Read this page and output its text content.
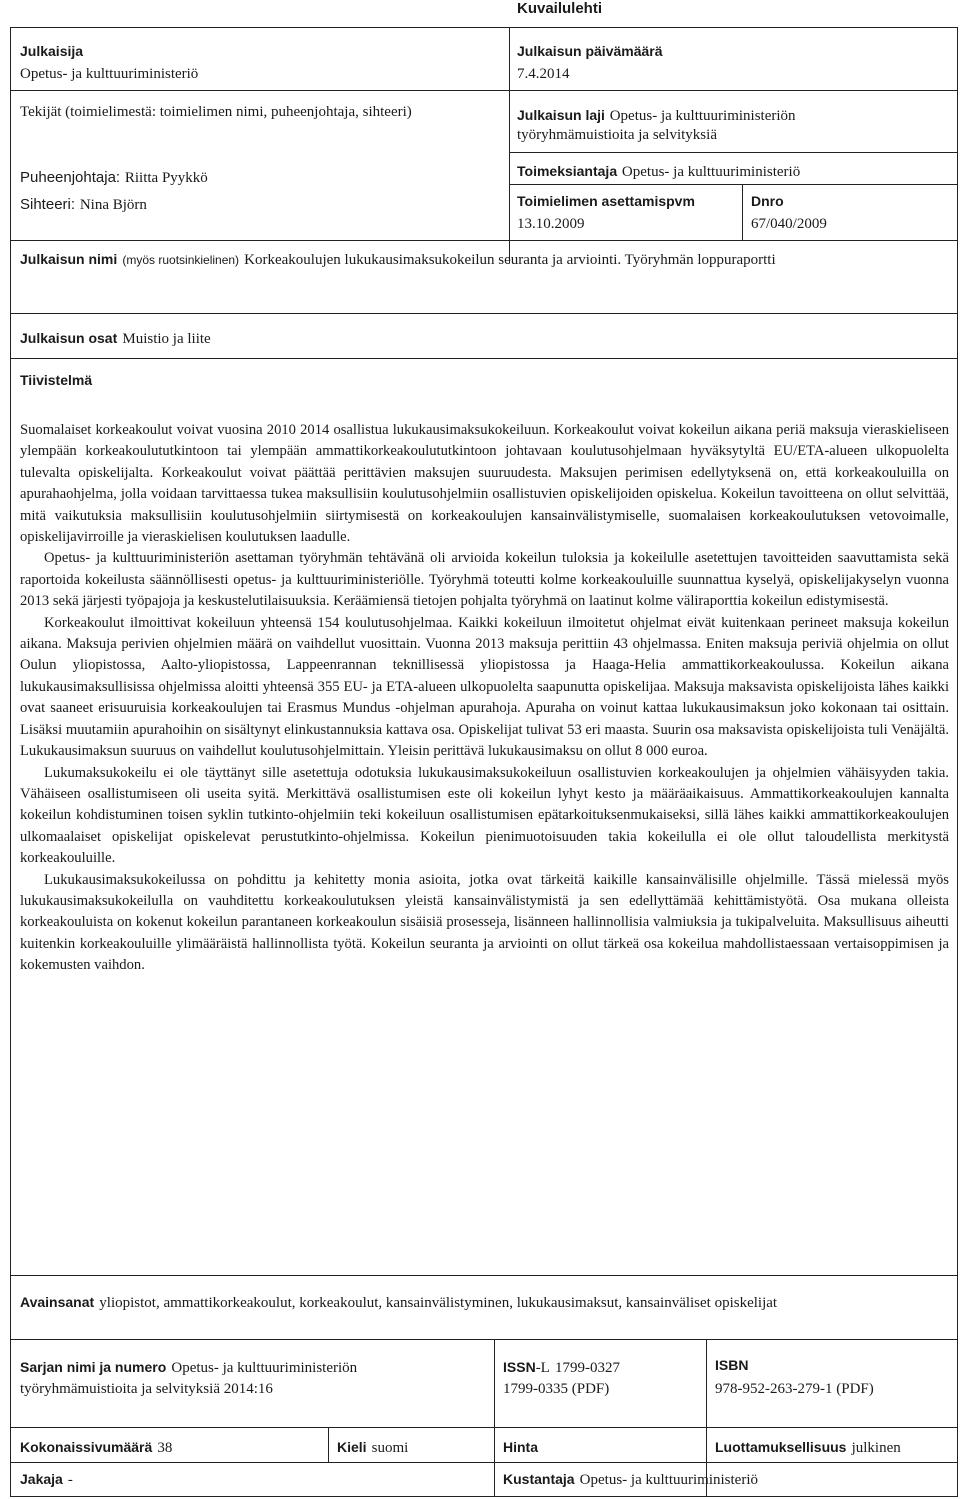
Kuvailulehti
Julkaisija
Opetus- ja kulttuuriministeriö
Julkaisun päivämäärä
7.4.2014
Tekijät (toimielimestä: toimielimen nimi, puheenjohtaja, sihteeri)
Puheenjohtaja: Riitta Pyykkö
Sihteeri: Nina Björn
Julkaisun laji Opetus- ja kulttuuriministeriön
työryhmämuistioita ja selvityksiä
Toimeksiantaja Opetus- ja kulttuuriministeriö
Toimielimen asettamispvm
13.10.2009
Dnro
67/040/2009
Julkaisun nimi (myös ruotsinkielinen) Korkeakoulujen lukukausimaksukokeilun seuranta ja arviointi. Työryhmän loppuraportti
Julkaisun osat Muistio ja liite
Tiivistelmä

Suomalaiset korkeakoulut voivat vuosina 2010 2014 osallistua lukukausimaksukokeiluun. Korkeakoulut voivat kokeilun aikana periä maksuja vieraskieliseen ylempään korkeakoulututkintoon tai ylempään ammattikorkeakoulututkintoon johtavaan koulutusohjelmaan hyväksytyltä EU/ETA-alueen ulkopuolelta tulevalta opiskelijalta. Korkeakoulut voivat päättää perittävien maksujen suuruudesta. Maksujen perimisen edellytyksenä on, että korkeakouluilla on apurahaohjelma, jolla voidaan tarvittaessa tukea maksullisiin koulutusohjelmiin osallistuvien opiskelijoiden opiskelua. Kokeilun tavoitteena on ollut selvittää, mitä vaikutuksia maksullisiin koulutusohjelmiin siirtymisestä on korkeakoulujen kansainvälistymiselle, suomalaisen korkeakoulutuksen vetovoimalle, opiskelijavirroille ja vieraskielisen koulutuksen laadulle.

Opetus- ja kulttuuriministeriön asettaman työryhmän tehtävänä oli arvioida kokeilun tuloksia ja kokeilulle asetettujen tavoitteiden saavuttamista sekä raportoida kokeilusta säännöllisesti opetus- ja kulttuuriministeriölle. Työryhmä toteutti kolme korkeakouluille suunnattua kyselyä, opiskelijakyselyn vuonna 2013 sekä järjesti työpajoja ja keskustelutilaisuuksia. Keräämiensä tietojen pohjalta työryhmä on laatinut kolme väliraporttia kokeilun edistymisestä.

Korkeakoulut ilmoittivat kokeiluun yhteensä 154 koulutusohjelmaa. Kaikki kokeiluun ilmoitetut ohjelmat eivät kuitenkaan perineet maksuja kokeilun aikana. Maksuja perivien ohjelmien määrä on vaihdellut vuosittain. Vuonna 2013 maksuja perittiin 43 ohjelmassa. Eniten maksuja periviä ohjelmia on ollut Oulun yliopistossa, Aalto-yliopistossa, Lappeenrannan teknillisessä yliopistossa ja Haaga-Helia ammattikorkeakoulussa. Kokeilun aikana lukukausimaksullisissa ohjelmissa aloitti yhteensä 355 EU- ja ETA-alueen ulkopuolelta saapunutta opiskelijaa. Maksuja maksavista opiskelijoista lähes kaikki ovat saaneet erisuuruisia korkeakoulujen tai Erasmus Mundus -ohjelman apurahoja. Apuraha on voinut kattaa lukukausimaksun joko kokonaan tai osittain. Lisäksi muutamiin apurahoihin on sisältynyt elinkustannuksia kattava osa. Opiskelijat tulivat 53 eri maasta. Suurin osa maksavista opiskelijoista tuli Venäjältä. Lukukausimaksun suuruus on vaihdellut koulutusohjelmittain. Yleisin perittävä lukukausimaksu on ollut 8 000 euroa.

Lukumaksukokeilu ei ole täyttänyt sille asetettuja odotuksia lukukausimaksukokeiluun osallistuvien korkeakoulujen ja ohjelmien vähäisyyden takia. Vähäiseen osallistumiseen oli useita syitä. Merkittävä osallistumisen este oli kokeilun lyhyt kesto ja määräaikaisuus. Ammattikorkeakoulujen kannalta kokeilun kohdistuminen toisen syklin tutkinto-ohjelmiin teki kokeiluun osallistumisen epätarkoituksenmukaiseksi, sillä lähes kaikki ammattikorkeakoulujen ulkomaalaiset opiskelijat opiskelevat perustutkinto-ohjelmissa. Kokeilun pienimuotoisuuden takia kokeilulla ei ole ollut taloudellista merkitystä korkeakouluille.

Lukukausimaksukokeilussa on pohdittu ja kehitetty monia asioita, jotka ovat tärkeitä kaikille kansainvälisille ohjelmille. Tässä mielessä myös lukukausimaksukokeilulla on vauhditettu korkeakoulutuksen yleistä kansainvälistymistä ja sen edellyttämää kehittämistyötä. Osa mukana olleista korkeakouluista on kokenut kokeilun parantaneen korkeakoulun sisäisiä prosesseja, lisänneen hallinnollisia valmiuksia ja tukipalveluita. Maksullisuus aiheutti kuitenkin korkeakouluille ylimääräistä hallinnollista työtä. Kokeilun seuranta ja arviointi on ollut tärkeä osa kokeilua mahdollistaessaan vertaisoppimisen ja kokemusten vaihdon.

Avainsanat yliopistot, ammattikorkeakoulut, korkeakoulut, kansainvälistyminen, lukukausimaksut, kansainväliset opiskelijat
Sarjan nimi ja numero Opetus- ja kulttuuriministeriön
työryhmämuistioita ja selvityksiä 2014:16
ISSN-L 1799-0327
1799-0335 (PDF)
ISBN
978-952-263-279-1 (PDF)
Kokonaissivumäärä 38	Kieli suomi	Hinta	Luottamuksellisuus julkinen
Jakaja -	Kustantaja Opetus- ja kulttuuriministeriö
